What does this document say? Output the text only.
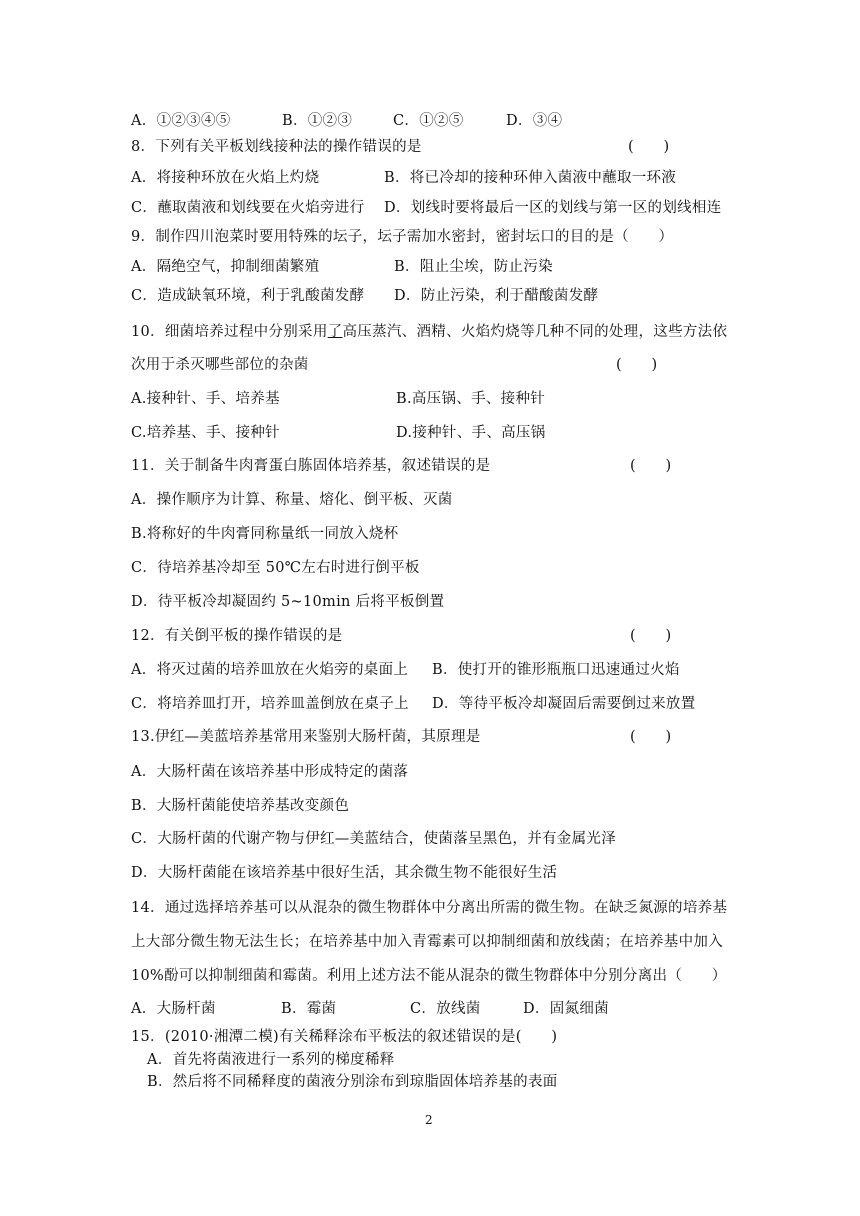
A．①②③④⑤	B．①②③	C．①②⑤	D．③④
8．下列有关平板划线接种法的操作错误的是	(　　)
A．将接种环放在火焰上灼烧	B．将已冷却的接种环伸入菌液中蘸取一环液
C．蘸取菌液和划线要在火焰旁进行 D．划线时要将最后一区的划线与第一区的划线相连
9．制作四川泡菜时要用特殊的坛子，坛子需加水密封，密封坛口的目的是（　　）
A．隔绝空气，抑制细菌繁殖	B．阻止尘埃，防止污染
C．造成缺氧环境，利于乳酸菌发酵 D．防止污染，利于醋酸菌发酵
10．细菌培养过程中分别采用了高压蒸汽、酒精、火焰灼烧等几种不同的处理，这些方法依
次用于杀灭哪些部位的杂菌	(　　)
A.接种针、手、培养基	B.高压锅、手、接种针
C.培养基、手、接种针	D.接种针、手、高压锅
11．关于制备牛肉膏蛋白胨固体培养基，叙述错误的是	(　　)
A．操作顺序为计算、称量、熔化、倒平板、灭菌
B.将称好的牛肉膏同称量纸一同放入烧杯
C．待培养基冷却至 50℃左右时进行倒平板
D．待平板冷却凝固约 5~10min 后将平板倒置
12．有关倒平板的操作错误的是	(　　)
A．将灭过菌的培养皿放在火焰旁的桌面上 B．使打开的锥形瓶瓶口迅速通过火焰
C．将培养皿打开，培养皿盖倒放在桌子上 D．等待平板冷却凝固后需要倒过来放置
13.伊红—美蓝培养基常用来鉴别大肠杆菌，其原理是	(　　)
A．大肠杆菌在该培养基中形成特定的菌落
B．大肠杆菌能使培养基改变颜色
C．大肠杆菌的代谢产物与伊红—美蓝结合，使菌落呈黑色，并有金属光泽
D．大肠杆菌能在该培养基中很好生活，其余微生物不能很好生活
14．通过选择培养基可以从混杂的微生物群体中分离出所需的微生物。在缺乏氮源的培养基
上大部分微生物无法生长；在培养基中加入青霉素可以抑制细菌和放线菌；在培养基中加入
10%酚可以抑制细菌和霉菌。利用上述方法不能从混杂的微生物群体中分别分离出（　　）
A．大肠杆菌	B．霉菌	C．放线菌	D．固氮细菌
15．(2010·湘潭二模)有关稀释涂布平板法的叙述错误的是(　　)
A．首先将菌液进行一系列的梯度稀释
B．然后将不同稀释度的菌液分别涂布到琼脂固体培养基的表面
2
